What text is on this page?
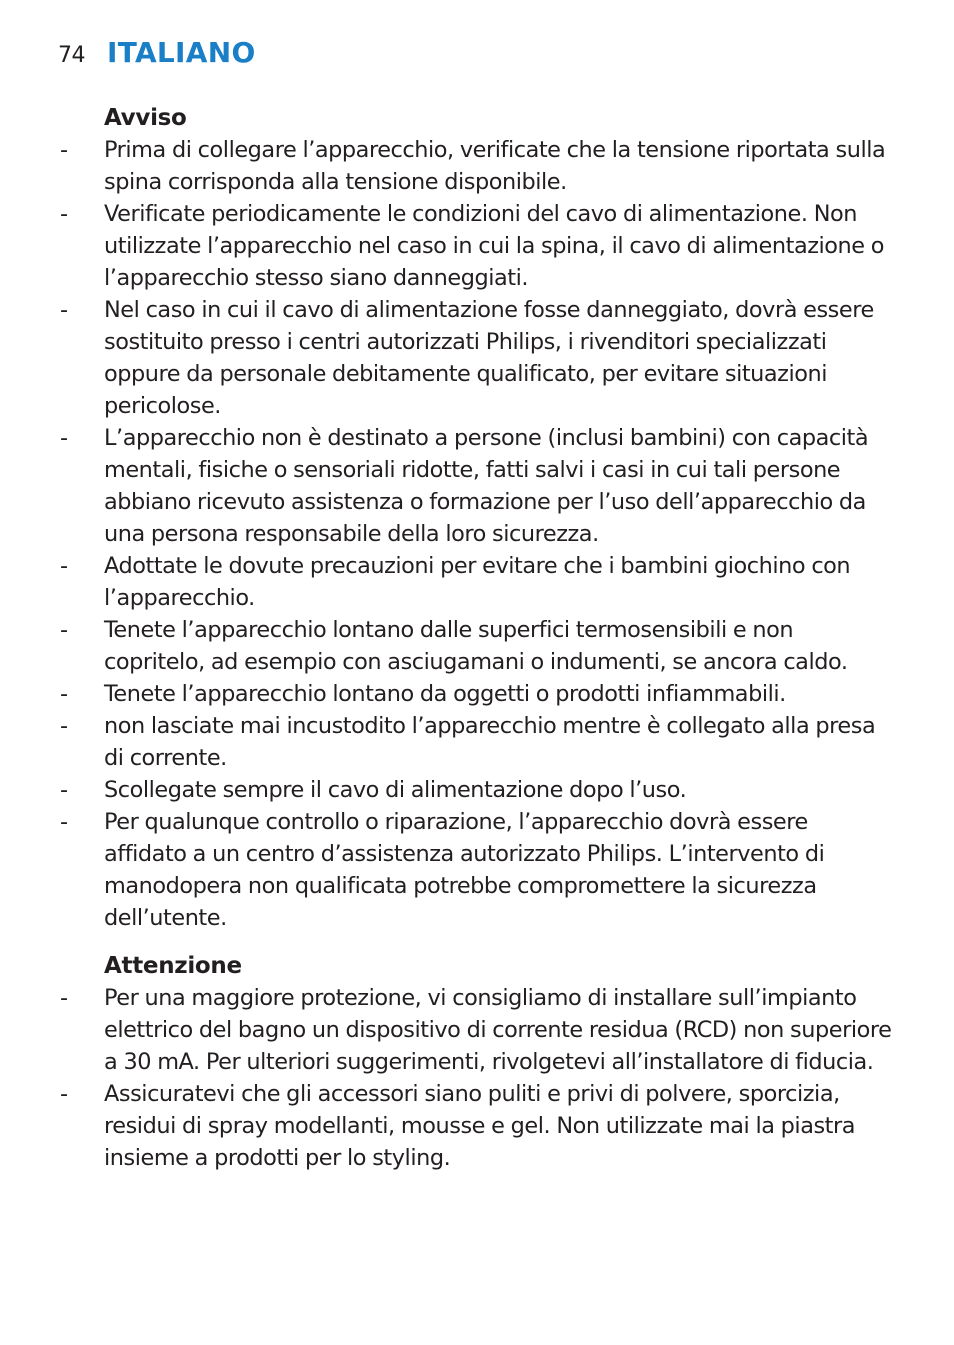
74 ITALIANO
Avviso
- Prima di collegare l’apparecchio, verificate che la tensione riportata sulla spina corrisponda alla tensione disponibile.
- Verificate periodicamente le condizioni del cavo di alimentazione. Non utilizzate l’apparecchio nel caso in cui la spina, il cavo di alimentazione o l’apparecchio stesso siano danneggiati.
- Nel caso in cui il cavo di alimentazione fosse danneggiato, dovrà essere sostituito presso i centri autorizzati Philips, i rivenditori specializzati oppure da personale debitamente qualificato, per evitare situazioni pericolose.
- L’apparecchio non è destinato a persone (inclusi bambini) con capacità mentali, fisiche o sensoriali ridotte, fatti salvi i casi in cui tali persone abbiano ricevuto assistenza o formazione per l’uso dell’apparecchio da una persona responsabile della loro sicurezza.
- Adottate le dovute precauzioni per evitare che i bambini giochino con l’apparecchio.
- Tenete l’apparecchio lontano dalle superfici termosensibili e non copritelo, ad esempio con asciugamani o indumenti, se ancora caldo.
- Tenete l’apparecchio lontano da oggetti o prodotti infiammabili.
- non lasciate mai incustodito l’apparecchio mentre è collegato alla presa di corrente.
- Scollegate sempre il cavo di alimentazione dopo l’uso.
- Per qualunque controllo o riparazione, l’apparecchio dovrà essere affidato a un centro d’assistenza autorizzato Philips. L’intervento di manodopera non qualificata potrebbe compromettere la sicurezza dell’utente.
Attenzione
- Per una maggiore protezione, vi consigliamo di installare sull’impianto elettrico del bagno un dispositivo di corrente residua (RCD) non superiore a 30 mA. Per ulteriori suggerimenti, rivolgetevi all’installatore di fiducia.
- Assicuratevi che gli accessori siano puliti e privi di polvere, sporcizia, residui di spray modellanti, mousse e gel. Non utilizzate mai la piastra insieme a prodotti per lo styling.
